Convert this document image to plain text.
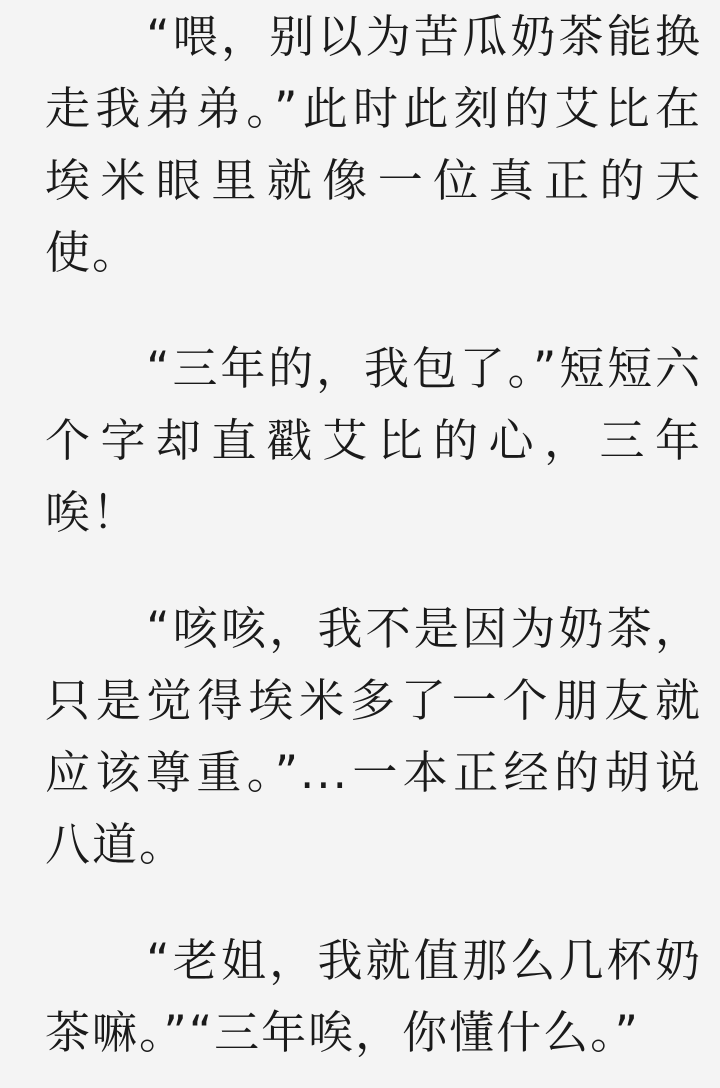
“喂，别以为苦瓜奶茶能换走我弟弟。”此时此刻的艾比在埃米眼里就像一位真正的天使。

“三年的，我包了。”短短六个字却直戳艾比的心，三年唉！

“咳咳，我不是因为奶茶，只是觉得埃米多了一个朋友就应该尊重。”...一本正经的胡说八道。

“老姐，我就值那么几杯奶茶嘛。”“三年唉，你懂什么。”
